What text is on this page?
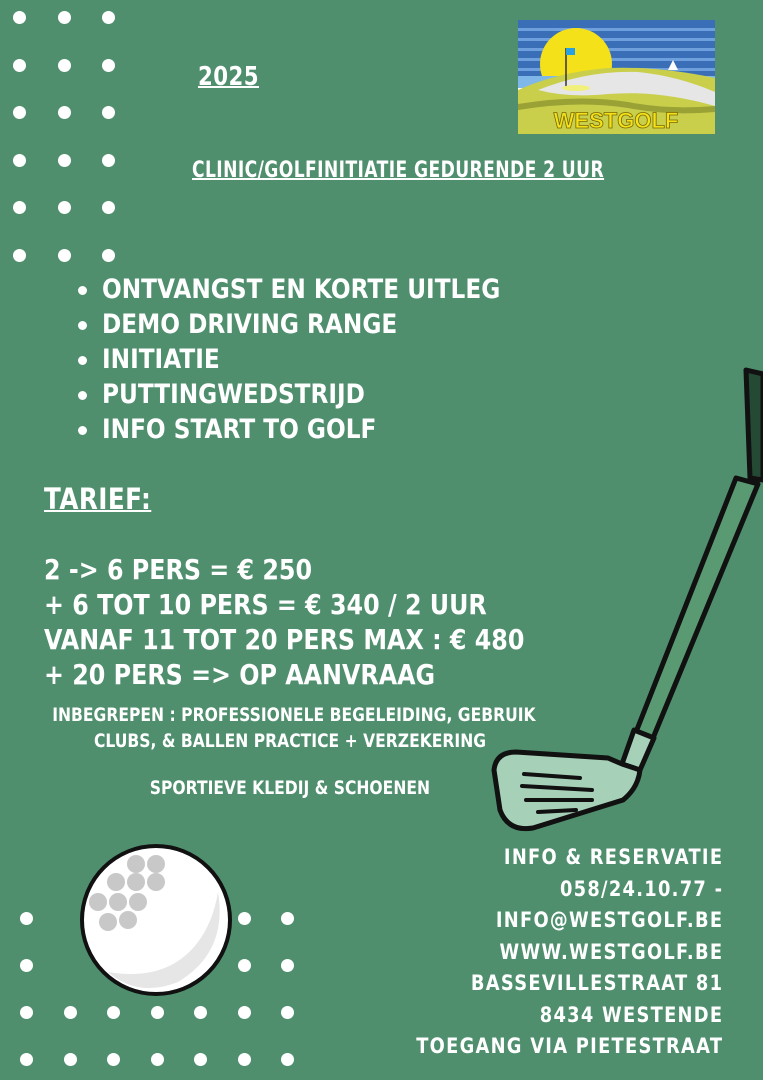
WESTGOLF
2025
CLINIC/GOLFINITIATIE GEDURENDE 2 UUR
ONTVANGST EN KORTE UITLEG
DEMO DRIVING RANGE
INITIATIE
PUTTINGWEDSTRIJD
INFO START TO GOLF
TARIEF:
2 -> 6 PERS = € 250
+ 6 TOT 10 PERS = € 340 / 2 UUR
VANAF 11 TOT 20 PERS MAX : € 480
+ 20 PERS => OP AANVRAAG
INBEGREPEN : PROFESSIONELE BEGELEIDING, GEBRUIK
CLUBS, & BALLEN PRACTICE + VERZEKERING
SPORTIEVE KLEDIJ & SCHOENEN
INFO & RESERVATIE
058/24.10.77 -
INFO@WESTGOLF.BE
WWW.WESTGOLF.BE
BASSEVILLESTRAAT 81
8434 WESTENDE
TOEGANG VIA PIETESTRAAT
